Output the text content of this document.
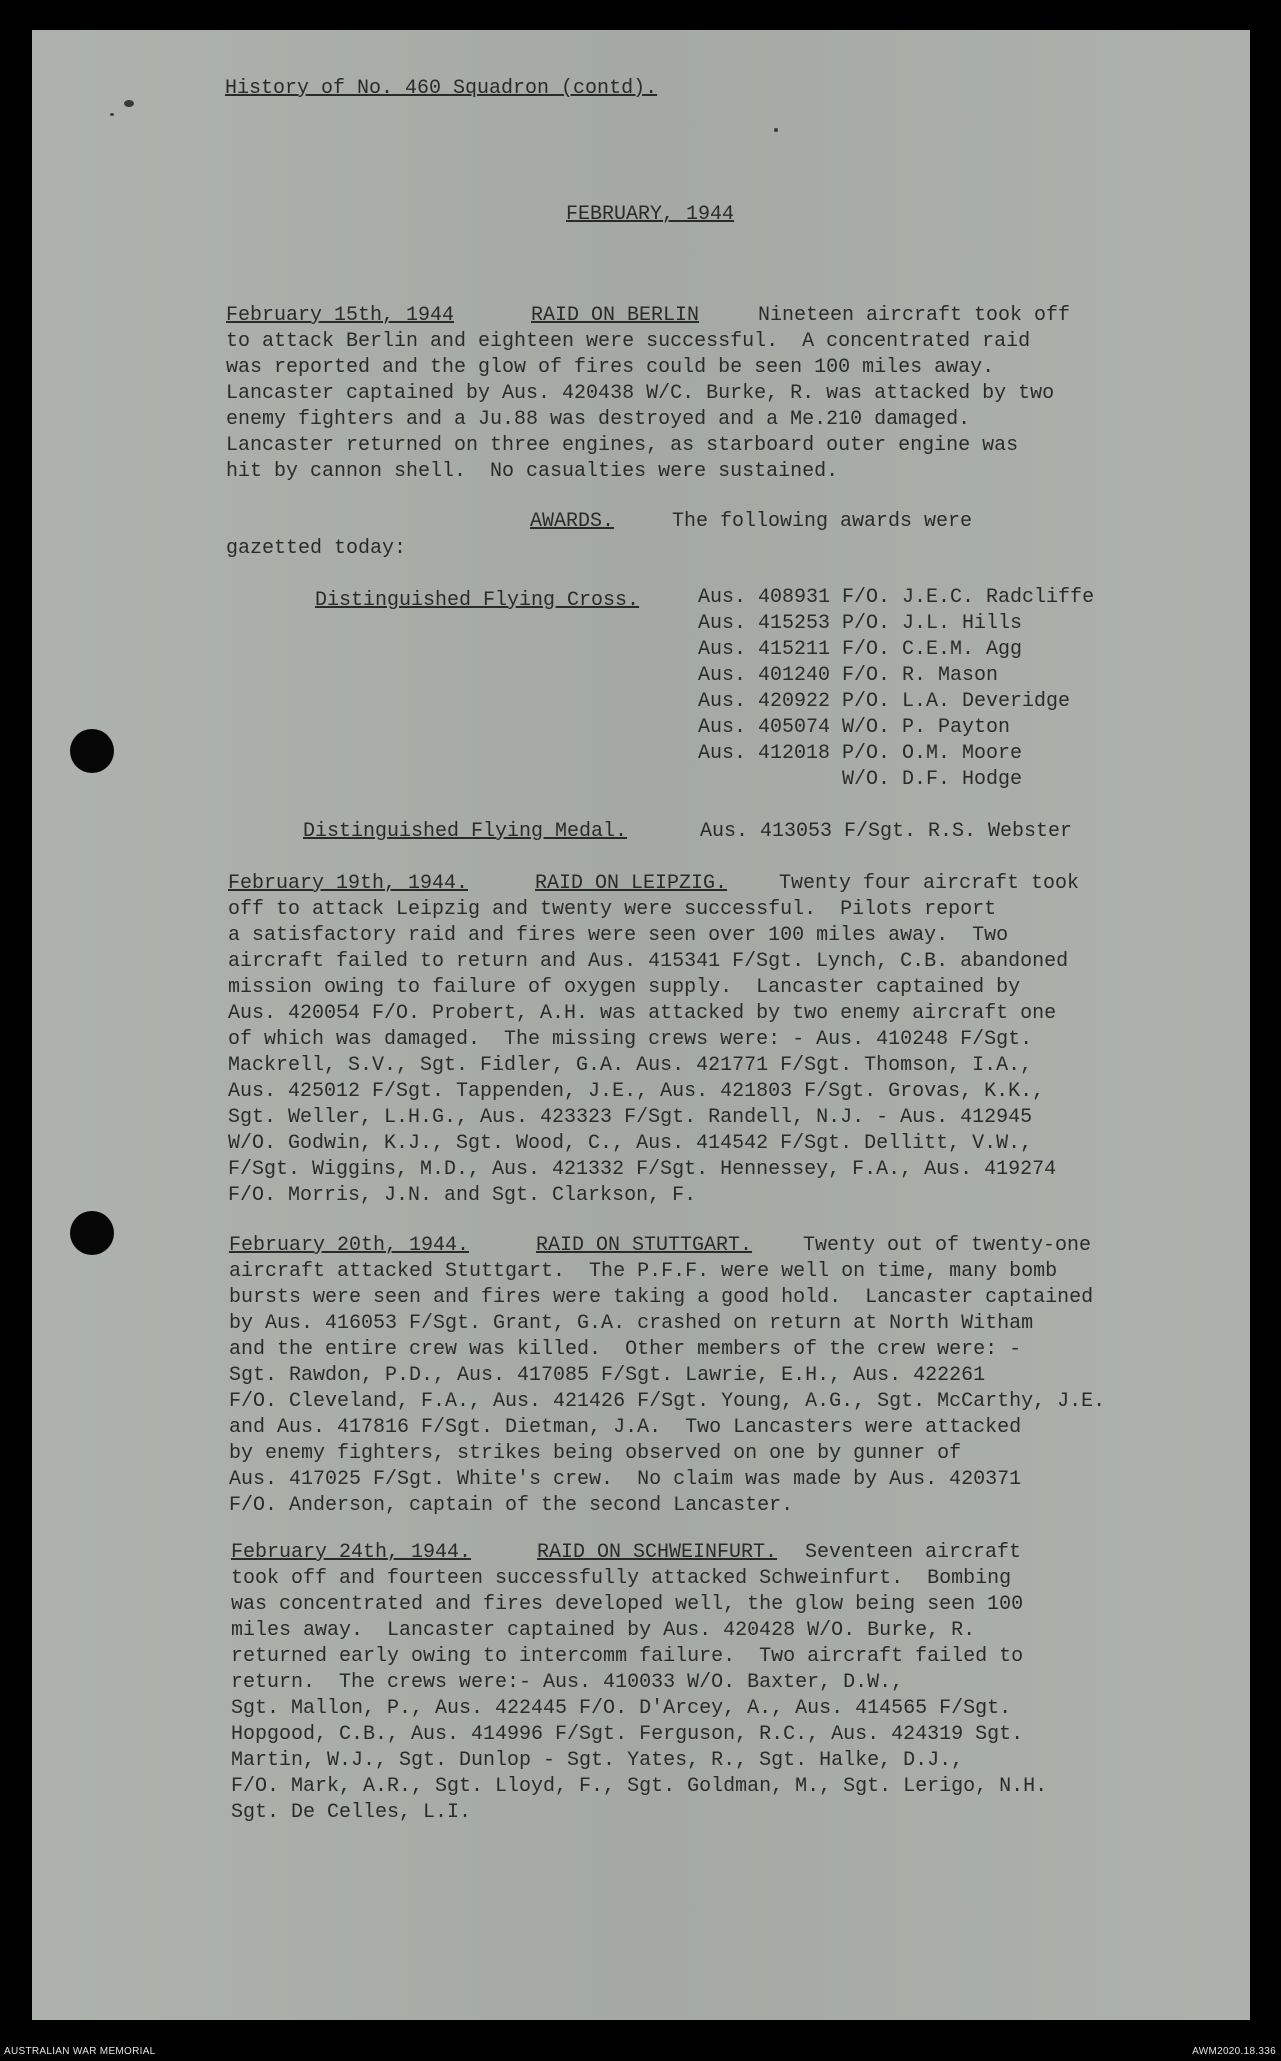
History of No. 460 Squadron (contd).
FEBRUARY, 1944
February 15th, 1944	RAID ON BERLIN	Nineteen aircraft took off
to attack Berlin and eighteen were successful.  A concentrated raid
was reported and the glow of fires could be seen 100 miles away.
Lancaster captained by Aus. 420438 W/C. Burke, R. was attacked by two
enemy fighters and a Ju.88 was destroyed and a Me.210 damaged.
Lancaster returned on three engines, as starboard outer engine was
hit by cannon shell.  No casualties were sustained.
AWARDS.	The following awards were
gazetted today:
Distinguished Flying Cross.	Aus. 408931 F/O. J.E.C. Radcliffe
Aus. 415253 P/O. J.L. Hills
Aus. 415211 F/O. C.E.M. Agg
Aus. 401240 F/O. R. Mason
Aus. 420922 P/O. L.A. Deveridge
Aus. 405074 W/O. P. Payton
Aus. 412018 P/O. O.M. Moore
W/O. D.F. Hodge
Distinguished Flying Medal.	Aus. 413053 F/Sgt. R.S. Webster
February 19th, 1944.	RAID ON LEIPZIG.	Twenty four aircraft took
off to attack Leipzig and twenty were successful.  Pilots report
a satisfactory raid and fires were seen over 100 miles away.  Two
aircraft failed to return and Aus. 415341 F/Sgt. Lynch, C.B. abandoned
mission owing to failure of oxygen supply.  Lancaster captained by
Aus. 420054 F/O. Probert, A.H. was attacked by two enemy aircraft one
of which was damaged.  The missing crews were: - Aus. 410248 F/Sgt.
Mackrell, S.V., Sgt. Fidler, G.A. Aus. 421771 F/Sgt. Thomson, I.A.,
Aus. 425012 F/Sgt. Tappenden, J.E., Aus. 421803 F/Sgt. Grovas, K.K.,
Sgt. Weller, L.H.G., Aus. 423323 F/Sgt. Randell, N.J. - Aus. 412945
W/O. Godwin, K.J., Sgt. Wood, C., Aus. 414542 F/Sgt. Dellitt, V.W.,
F/Sgt. Wiggins, M.D., Aus. 421332 F/Sgt. Hennessey, F.A., Aus. 419274
F/O. Morris, J.N. and Sgt. Clarkson, F.
February 20th, 1944.	RAID ON STUTTGART.	Twenty out of twenty-one
aircraft attacked Stuttgart.  The P.F.F. were well on time, many bomb
bursts were seen and fires were taking a good hold.  Lancaster captained
by Aus. 416053 F/Sgt. Grant, G.A. crashed on return at North Witham
and the entire crew was killed.  Other members of the crew were: -
Sgt. Rawdon, P.D., Aus. 417085 F/Sgt. Lawrie, E.H., Aus. 422261
F/O. Cleveland, F.A., Aus. 421426 F/Sgt. Young, A.G., Sgt. McCarthy, J.E.
and Aus. 417816 F/Sgt. Dietman, J.A.  Two Lancasters were attacked
by enemy fighters, strikes being observed on one by gunner of
Aus. 417025 F/Sgt. White's crew.  No claim was made by Aus. 420371
F/O. Anderson, captain of the second Lancaster.
February 24th, 1944.	RAID ON SCHWEINFURT. Seventeen aircraft
took off and fourteen successfully attacked Schweinfurt.  Bombing
was concentrated and fires developed well, the glow being seen 100
miles away.  Lancaster captained by Aus. 420428 W/O. Burke, R.
returned early owing to intercomm failure.  Two aircraft failed to
return.  The crews were:- Aus. 410033 W/O. Baxter, D.W.,
Sgt. Mallon, P., Aus. 422445 F/O. D'Arcey, A., Aus. 414565 F/Sgt.
Hopgood, C.B., Aus. 414996 F/Sgt. Ferguson, R.C., Aus. 424319 Sgt.
Martin, W.J., Sgt. Dunlop - Sgt. Yates, R., Sgt. Halke, D.J.,
F/O. Mark, A.R., Sgt. Lloyd, F., Sgt. Goldman, M., Sgt. Lerigo, N.H.
Sgt. De Celles, L.I.
AUSTRALIAN WAR MEMORIAL	AWM2020.18.336
